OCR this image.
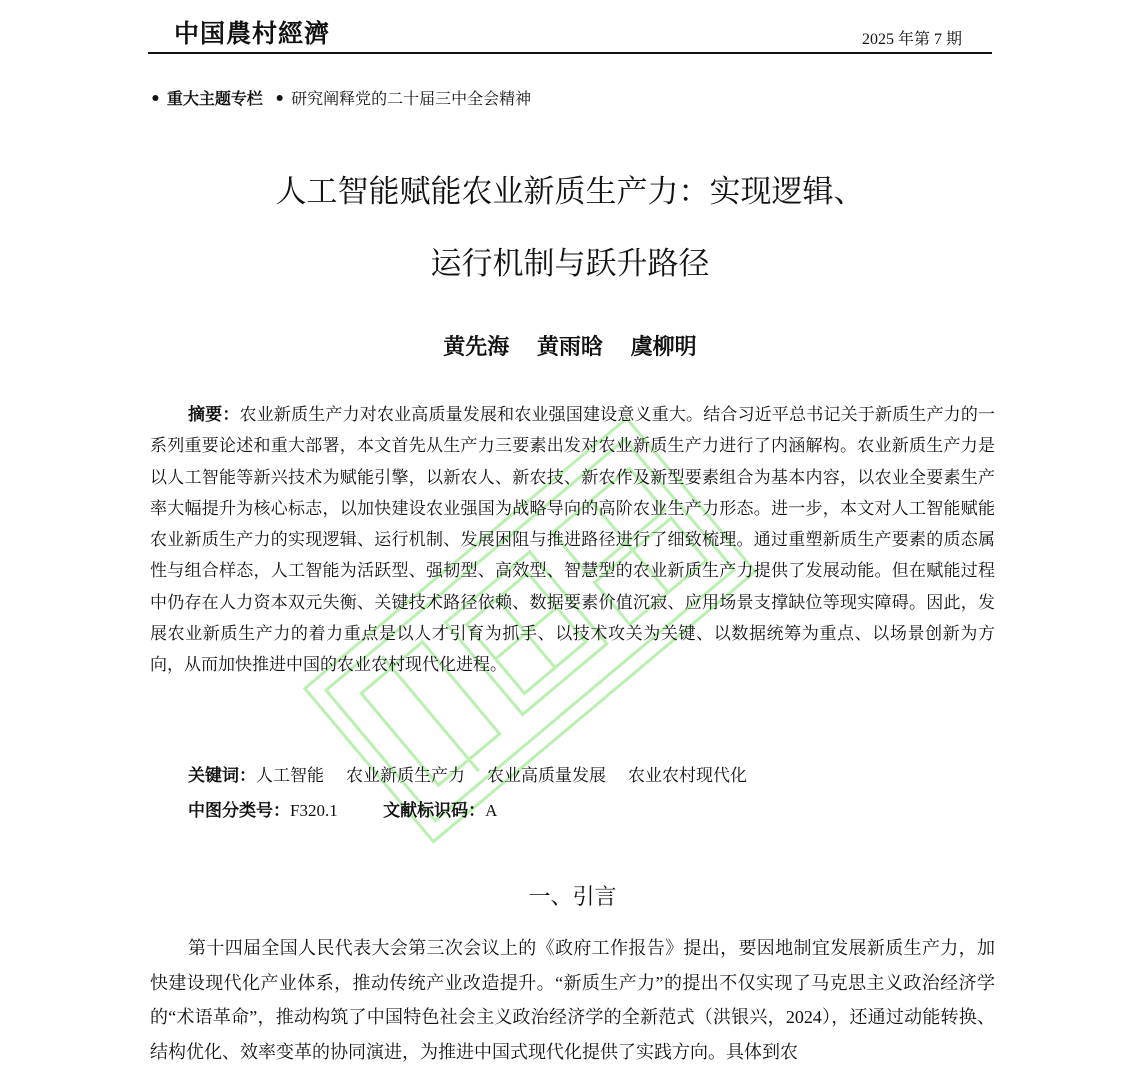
中国農村經濟	2025 年第 7 期
• 重大主题专栏 • 研究阐释党的二十届三中全会精神
人工智能赋能农业新质生产力：实现逻辑、
运行机制与跃升路径
黄先海 黄雨晗 虞柳明

摘要：农业新质生产力对农业高质量发展和农业强国建设意义重大。结合习近平总书记关于新质生产力的一系列重要论述和重大部署，本文首先从生产力三要素出发对农业新质生产力进行了内涵解构。农业新质生产力是以人工智能等新兴技术为赋能引擎，以新农人、新农技、新农作及新型要素组合为基本内容，以农业全要素生产率大幅提升为核心标志，以加快建设农业强国为战略导向的高阶农业生产力形态。进一步，本文对人工智能赋能农业新质生产力的实现逻辑、运行机制、发展困阻与推进路径进行了细致梳理。通过重塑新质生产要素的质态属性与组合样态，人工智能为活跃型、强韧型、高效型、智慧型的农业新质生产力提供了发展动能。但在赋能过程中仍存在人力资本双元失衡、关键技术路径依赖、数据要素价值沉寂、应用场景支撑缺位等现实障碍。因此，发展农业新质生产力的着力重点是以人才引育为抓手、以技术攻关为关键、以数据统筹为重点、以场景创新为方向，从而加快推进中国的农业农村现代化进程。

关键词：人工智能 农业新质生产力 农业高质量发展 农业农村现代化
中图分类号：F320.1	文献标识码：A
一、引言

第十四届全国人民代表大会第三次会议上的《政府工作报告》提出，要因地制宜发展新质生产力，加快建设现代化产业体系，推动传统产业改造提升。“新质生产力”的提出不仅实现了马克思主义政治经济学的“术语革命”，推动构筑了中国特色社会主义政治经济学的全新范式（洪银兴，2024），还通过动能转换、结构优化、效率变革的协同演进，为推进中国式现代化提供了实践方向。具体到农
